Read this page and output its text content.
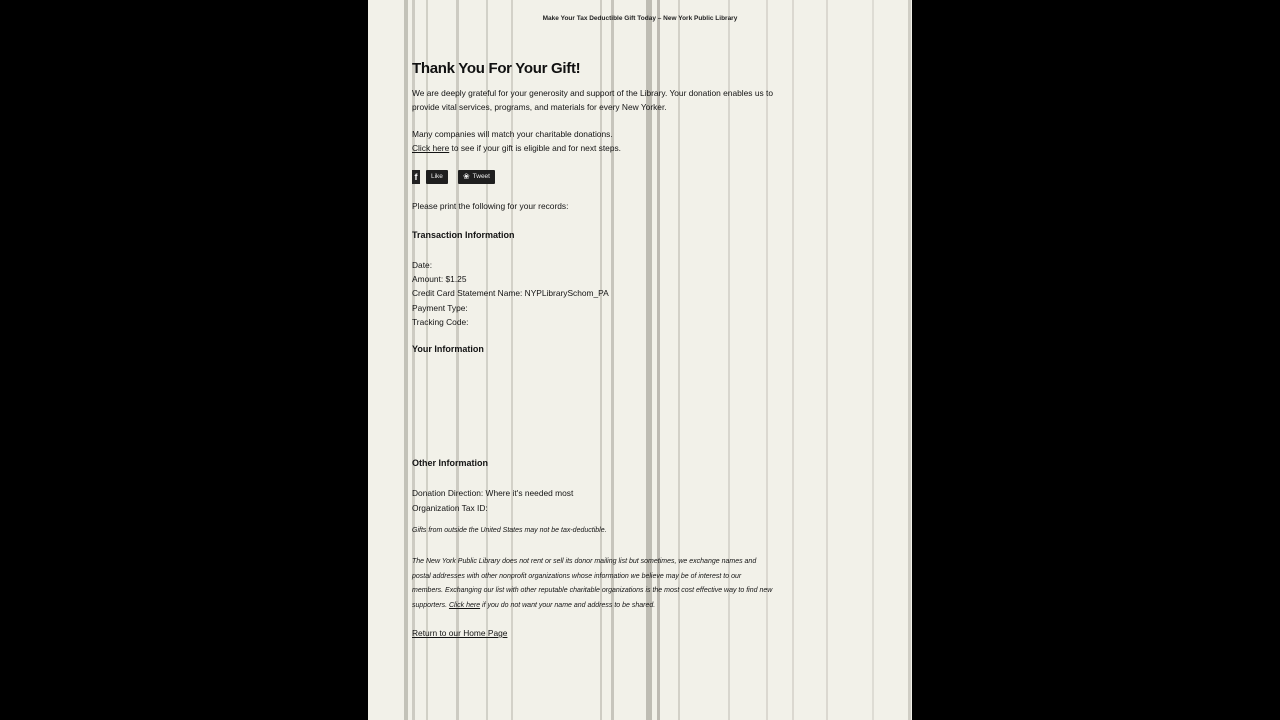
Make Your Tax Deductible Gift Today – New York Public Library
Thank You For Your Gift!
We are deeply grateful for your generosity and support of the Library. Your donation enables us to
provide vital services, programs, and materials for every New Yorker.
Many companies will match your charitable donations.
Click here to see if your gift is eligible and for next steps.
f	Like	❀ Tweet
Please print the following for your records:
Transaction Information
Date:
Amount: $1.25
Credit Card Statement Name: NYPLibrarySchom_PA
Payment Type:
Tracking Code:
Your Information
Other Information
Donation Direction: Where it's needed most
Organization Tax ID:
Gifts from outside the United States may not be tax-deductible.
The New York Public Library does not rent or sell its donor mailing list but sometimes, we exchange names and
postal addresses with other nonprofit organizations whose information we believe may be of interest to our
members. Exchanging our list with other reputable charitable organizations is the most cost effective way to find new
supporters. Click here if you do not want your name and address to be shared.
Return to our Home Page
